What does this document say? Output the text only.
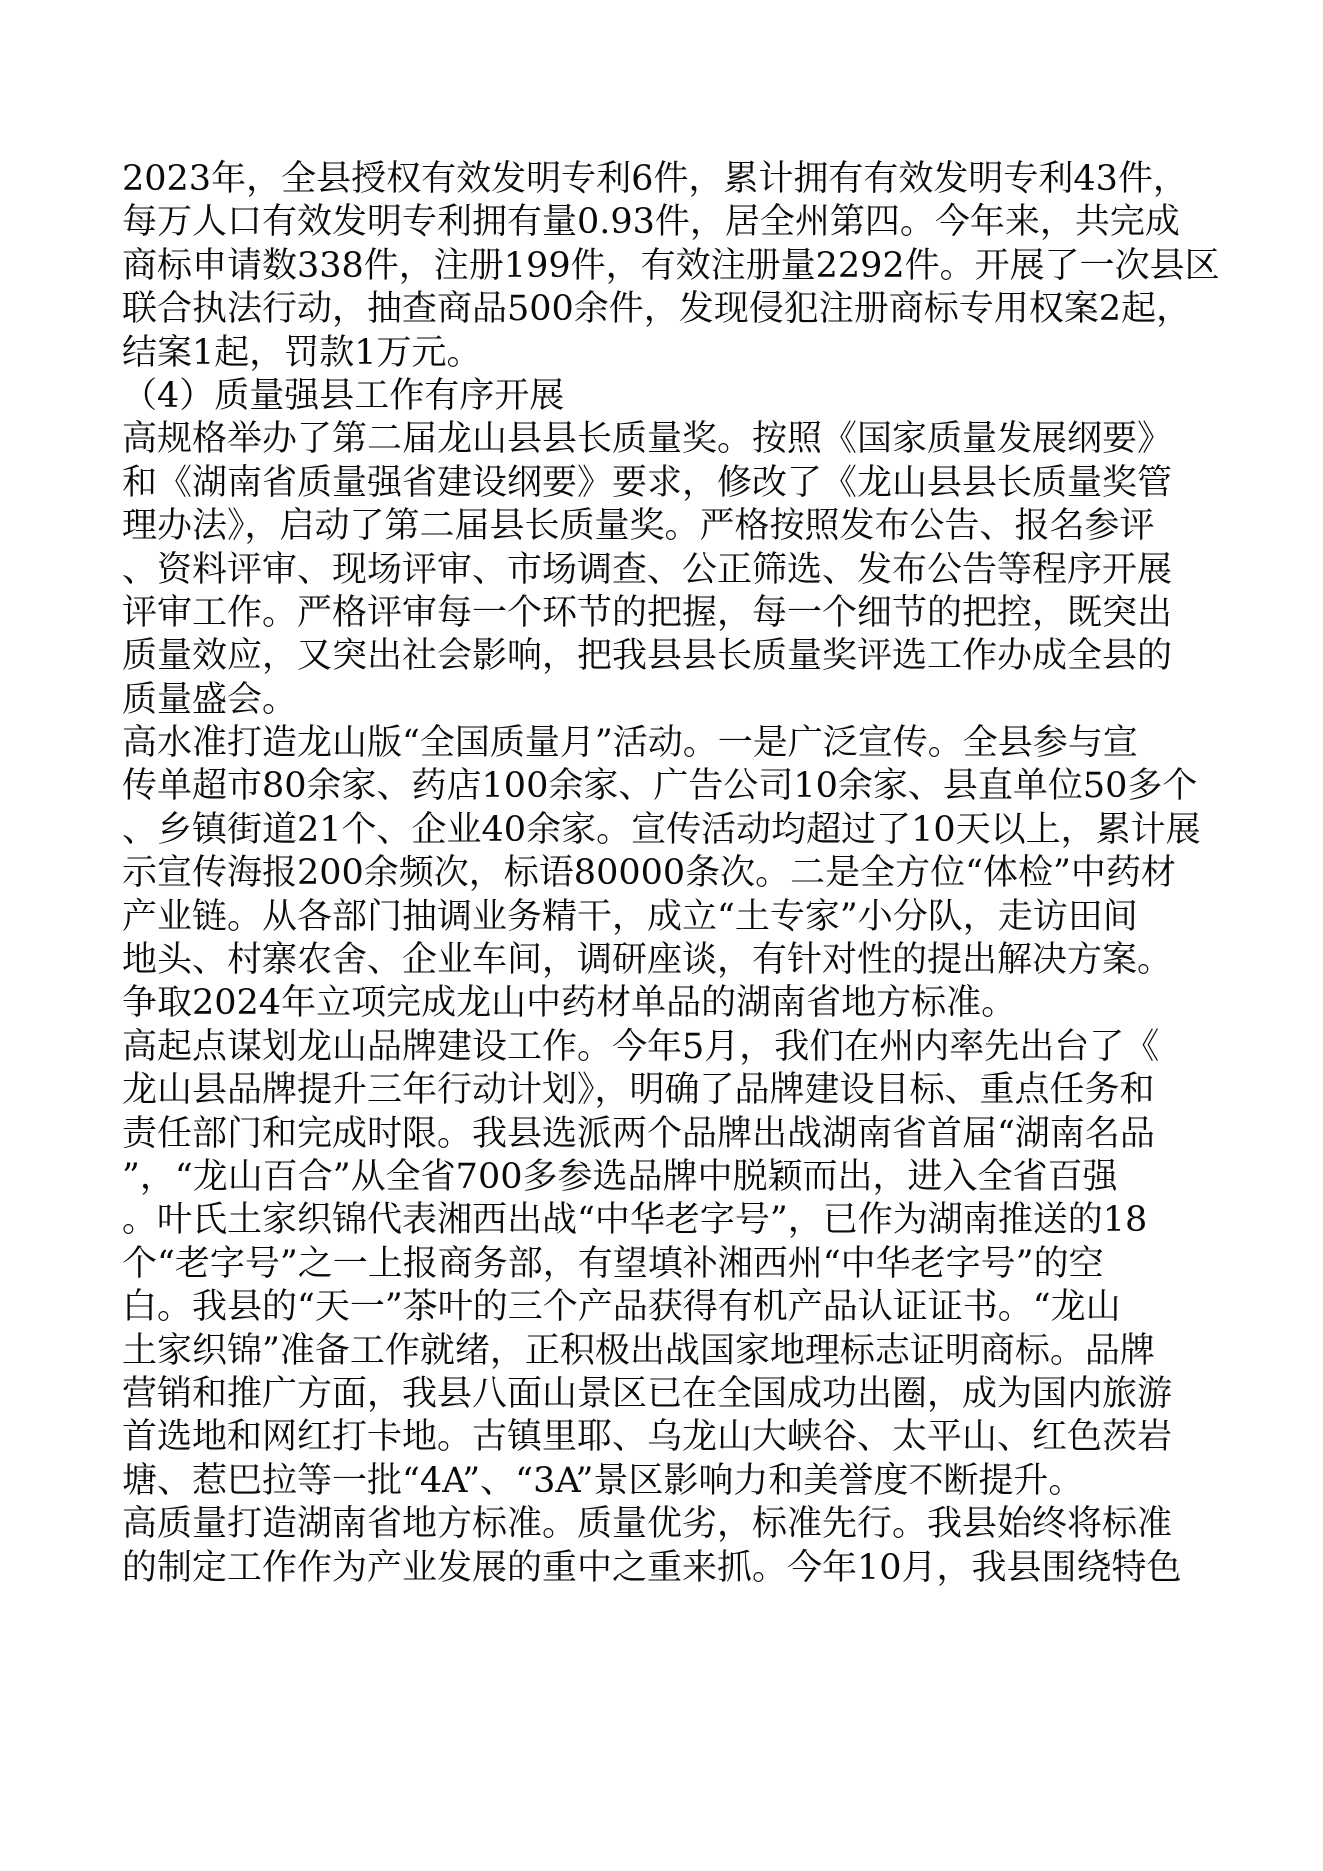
2023年，全县授权有效发明专利6件，累计拥有有效发明专利43件，
每万人口有效发明专利拥有量0.93件，居全州第四。今年来，共完成
商标申请数338件，注册199件，有效注册量2292件。开展了一次县区
联合执法行动，抽查商品500余件，发现侵犯注册商标专用权案2起，
结案1起，罚款1万元。
（4）质量强县工作有序开展
高规格举办了第二届龙山县县长质量奖。按照《国家质量发展纲要》
和《湖南省质量强省建设纲要》要求，修改了《龙山县县长质量奖管
理办法》，启动了第二届县长质量奖。严格按照发布公告、报名参评
、资料评审、现场评审、市场调查、公正筛选、发布公告等程序开展
评审工作。严格评审每一个环节的把握，每一个细节的把控，既突出
质量效应，又突出社会影响，把我县县长质量奖评选工作办成全县的
质量盛会。
高水准打造龙山版“全国质量月”活动。一是广泛宣传。全县参与宣
传单超市80余家、药店100余家、广告公司10余家、县直单位50多个
、乡镇街道21个、企业40余家。宣传活动均超过了10天以上，累计展
示宣传海报200余频次，标语80000条次。二是全方位“体检”中药材
产业链。从各部门抽调业务精干，成立“土专家”小分队，走访田间
地头、村寨农舍、企业车间，调研座谈，有针对性的提出解决方案。
争取2024年立项完成龙山中药材单品的湖南省地方标准。
高起点谋划龙山品牌建设工作。今年5月，我们在州内率先出台了《
龙山县品牌提升三年行动计划》，明确了品牌建设目标、重点任务和
责任部门和完成时限。我县选派两个品牌出战湖南省首届“湖南名品
”，“龙山百合”从全省700多参选品牌中脱颖而出，进入全省百强
。叶氏土家织锦代表湘西出战“中华老字号”，已作为湖南推送的18
个“老字号”之一上报商务部，有望填补湘西州“中华老字号”的空
白。我县的“天一”茶叶的三个产品获得有机产品认证证书。“龙山
土家织锦”准备工作就绪，正积极出战国家地理标志证明商标。品牌
营销和推广方面，我县八面山景区已在全国成功出圈，成为国内旅游
首选地和网红打卡地。古镇里耶、乌龙山大峡谷、太平山、红色茨岩
塘、惹巴拉等一批“4A”、“3A”景区影响力和美誉度不断提升。
高质量打造湖南省地方标准。质量优劣，标准先行。我县始终将标准
的制定工作作为产业发展的重中之重来抓。今年10月，我县围绕特色
